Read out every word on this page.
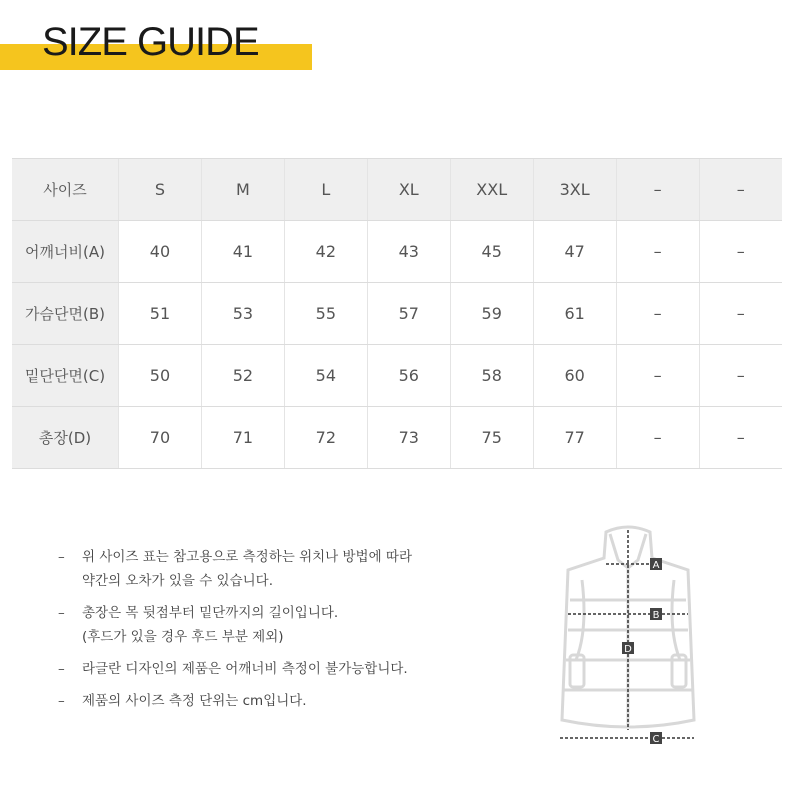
SIZE GUIDE
사이즈	S	M	L	XL	XXL	3XL	–	–
어깨너비(A)	40	41	42	43	45	47	–	–
가슴단면(B)	51	53	55	57	59	61	–	–
밑단단면(C)	50	52	54	56	58	60	–	–
총장(D)	70	71	72	73	75	77	–	–
–	위 사이즈 표는 참고용으로 측정하는 위치나 방법에 따라
약간의 오차가 있을 수 있습니다.
–	총장은 목 뒷점부터 밑단까지의 길이입니다.
(후드가 있을 경우 후드 부분 제외)
–	라글란 디자인의 제품은 어깨너비 측정이 불가능합니다.
–	제품의 사이즈 측정 단위는 cm입니다.
A
B
D
C
